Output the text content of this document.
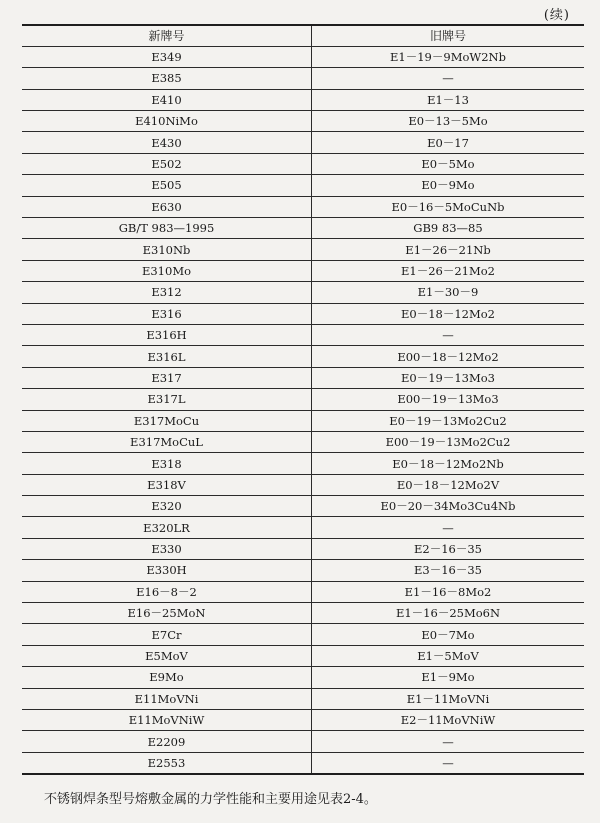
(续)
新牌号	旧牌号
E349	E1－19－9MoW2Nb
E385	—
E410	E1－13
E410NiMo	E0－13－5Mo
E430	E0－17
E502	E0－5Mo
E505	E0－9Mo
E630	E0－16－5MoCuNb
GB/T 983—1995	GB9 83—85
E310Nb	E1－26－21Nb
E310Mo	E1－26－21Mo2
E312	E1－30－9
E316	E0－18－12Mo2
E316H	—
E316L	E00－18－12Mo2
E317	E0－19－13Mo3
E317L	E00－19－13Mo3
E317MoCu	E0－19－13Mo2Cu2
E317MoCuL	E00－19－13Mo2Cu2
E318	E0－18－12Mo2Nb
E318V	E0－18－12Mo2V
E320	E0－20－34Mo3Cu4Nb
E320LR	—
E330	E2－16－35
E330H	E3－16－35
E16－8－2	E1－16－8Mo2
E16－25MoN	E1－16－25Mo6N
E7Cr	E0－7Mo
E5MoV	E1－5MoV
E9Mo	E1－9Mo
E11MoVNi	E1－11MoVNi
E11MoVNiW	E2－11MoVNiW
E2209	—
E2553	—
不锈钢焊条型号熔敷金属的力学性能和主要用途见表2-4。
